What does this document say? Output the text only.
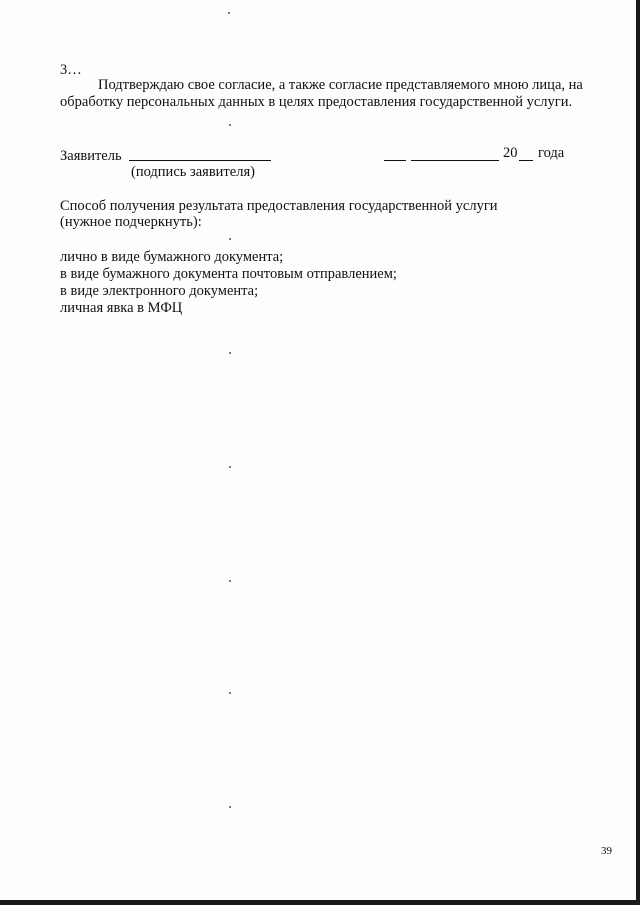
3…
Подтверждаю свое согласие, а также согласие представляемого мною лица, на
обработку персональных данных в целях предоставления государственной услуги.
Заявитель	20 года
(подпись заявителя)
Способ получения результата предоставления государственной услуги
(нужное подчеркнуть):
лично в виде бумажного документа;
в виде бумажного документа почтовым отправлением;
в виде электронного документа;
личная явка в МФЦ
39
